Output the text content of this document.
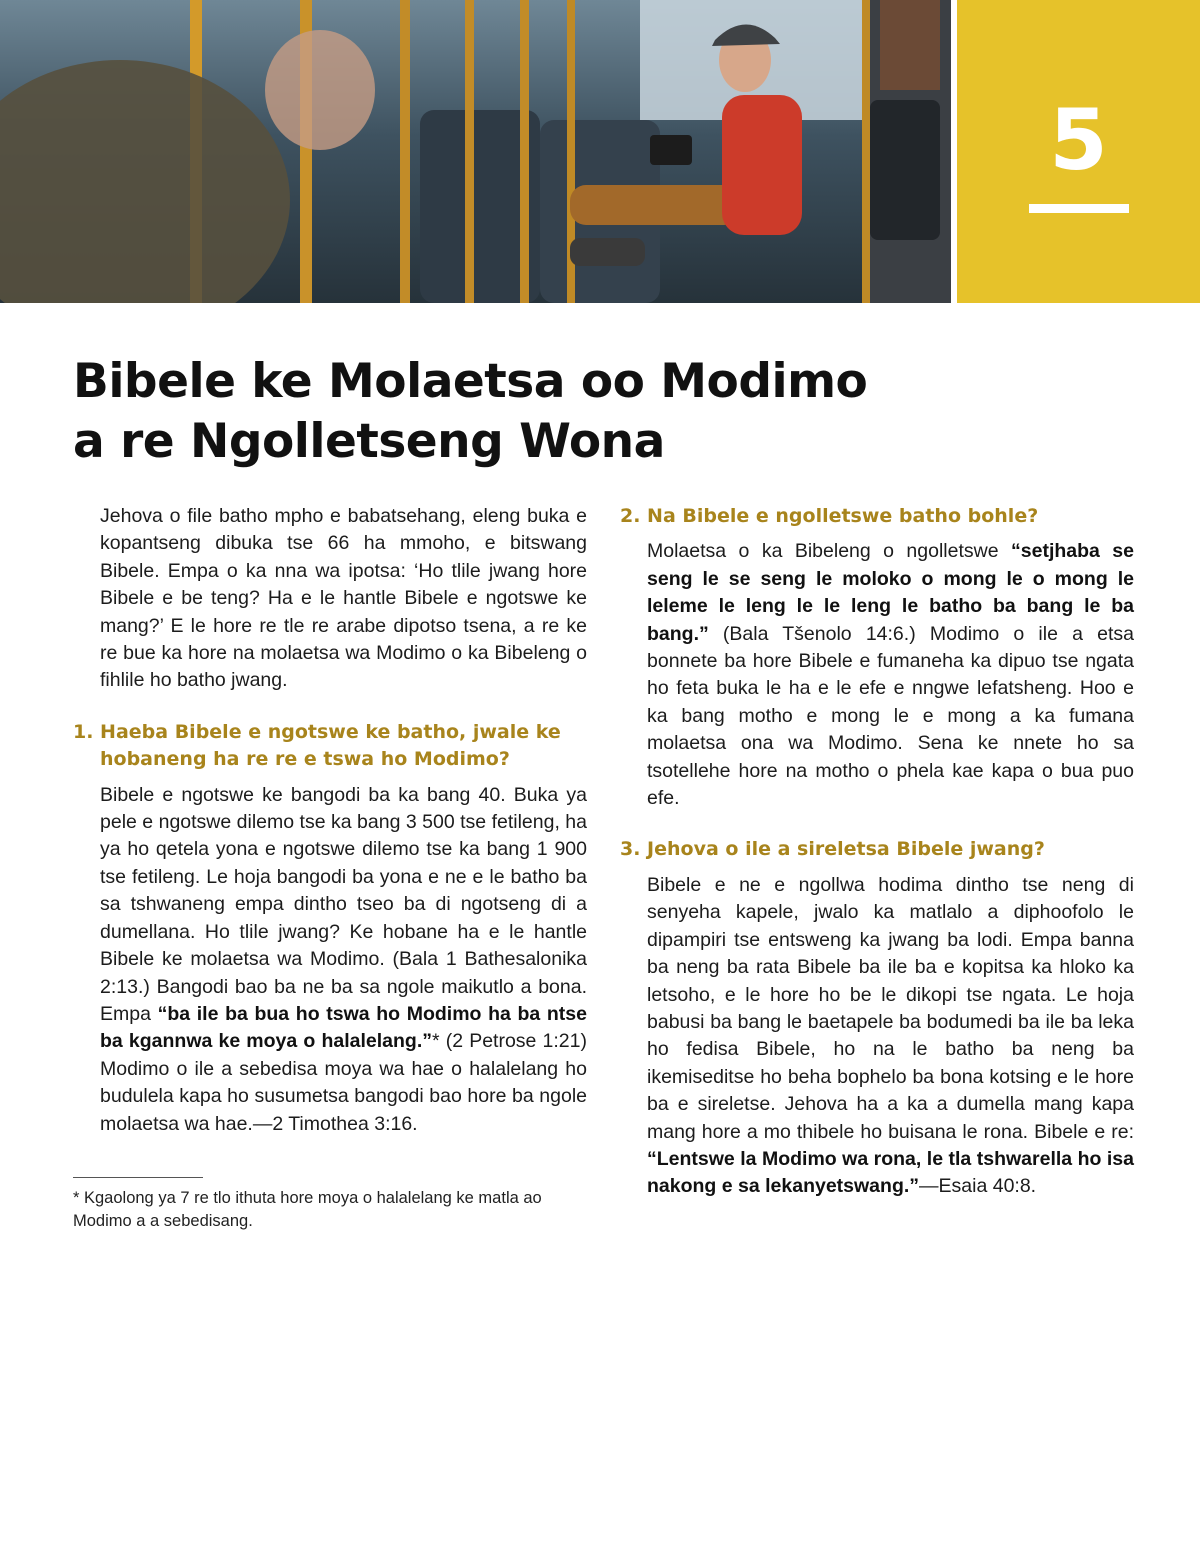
5
Bibele ke Molaetsa oo Modimo
a re Ngolletseng Wona

Jehova o file batho mpho e babatsehang, eleng buka e kopantseng dibuka tse 66 ha mmoho, e bitswang Bibele. Empa o ka nna wa ipotsa: ‘Ho tlile jwang hore Bibele e be teng? Ha e le hantle Bibele e ngotswe ke mang?’ E le hore re tle re arabe dipotso tsena, a re ke re bue ka hore na molaetsa wa Modimo o ka Bibeleng o fihlile ho batho jwang.

1. Haeba Bibele e ngotswe ke batho, jwale ke hobaneng ha re re e tswa ho Modimo?

Bibele e ngotswe ke bangodi ba ka bang 40. Buka ya pele e ngotswe dilemo tse ka bang 3 500 tse fetileng, ha ya ho qetela yona e ngotswe dilemo tse ka bang 1 900 tse fetileng. Le hoja bangodi ba yona e ne e le batho ba sa tshwaneng empa dintho tseo ba di ngotseng di a dumellana. Ho tlile jwang? Ke hobane ha e le hantle Bibele ke molaetsa wa Modimo. (Bala 1 Bathesalonika 2:13.) Bangodi bao ba ne ba sa ngole maikutlo a bona. Empa “ba ile ba bua ho tswa ho Modimo ha ba ntse ba kgannwa ke moya o halalelang.”* (2 Petrose 1:21) Modimo o ile a sebedisa moya wa hae o halalelang ho budulela kapa ho susumetsa bangodi bao hore ba ngole molaetsa wa hae.—2 Timothea 3:16.

* Kgaolong ya 7 re tlo ithuta hore moya o halalelang ke matla ao Modimo a a sebedisang.

2. Na Bibele e ngolletswe batho bohle?

Molaetsa o ka Bibeleng o ngolletswe “setjhaba se seng le se seng le moloko o mong le o mong le leleme le leng le le leng le batho ba bang le ba bang.” (Bala Tšenolo 14:6.) Modimo o ile a etsa bonnete ba hore Bibele e fumaneha ka dipuo tse ngata ho feta buka le ha e le efe e nngwe lefatsheng. Hoo e ka bang motho e mong le e mong a ka fumana molaetsa ona wa Modimo. Sena ke nnete ho sa tsotellehe hore na motho o phela kae kapa o bua puo efe.

3. Jehova o ile a sireletsa Bibele jwang?

Bibele e ne e ngollwa hodima dintho tse neng di senyeha kapele, jwalo ka matlalo a diphoofolo le dipampiri tse entsweng ka jwang ba lodi. Empa banna ba neng ba rata Bibele ba ile ba e kopitsa ka hloko ka letsoho, e le hore ho be le dikopi tse ngata. Le hoja babusi ba bang le baetapele ba bodumedi ba ile ba leka ho fedisa Bibele, ho na le batho ba neng ba ikemiseditse ho beha bophelo ba bona kotsing e le hore ba e sireletse. Jehova ha a ka a dumella mang kapa mang hore a mo thibele ho buisana le rona. Bibele e re: “Lentswe la Modimo wa rona, le tla tshwarella ho isa nakong e sa lekanyetswang.”—Esaia 40:8.
